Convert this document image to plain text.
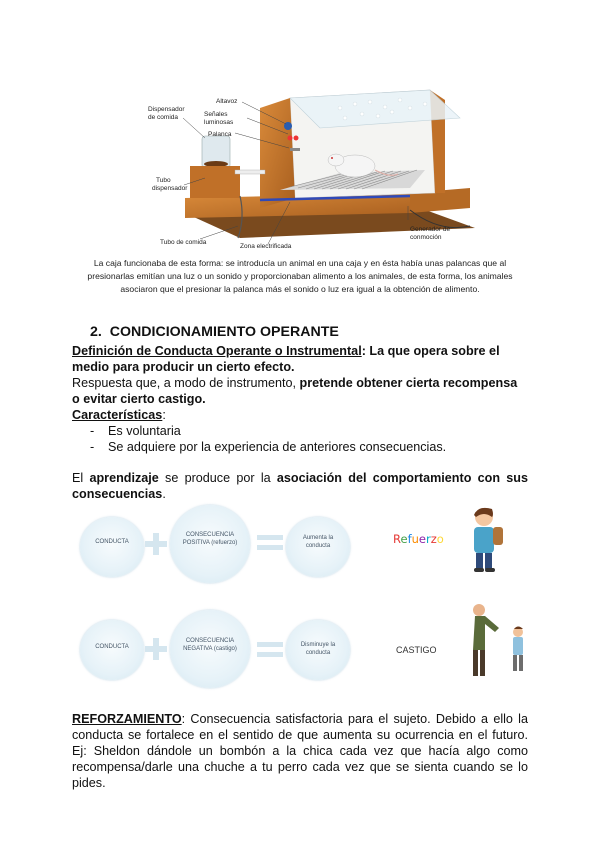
Altavoz
Dispensador
de comida	Señales
luminosas
Palanca
Tubo
dispensador
Tubo de comida
Zona electrificada
Generador de
conmoción
La caja funcionaba de esta forma: se introducía un animal en una caja y en ésta había unas palancas que al presionarlas emitían una luz o un sonido y proporcionaban alimento a los animales, de esta forma, los animales asociaron que el presionar la palanca más el sonido o luz era igual a la obtención de alimento.
2. CONDICIONAMIENTO OPERANTE
Definición de Conducta Operante o Instrumental: La que opera sobre el medio para producir un cierto efecto.
Respuesta que, a modo de instrumento, pretende obtener cierta recompensa o evitar cierto castigo.
Características:
- Es voluntaria
- Se adquiere por la experiencia de anteriores consecuencias.
El aprendizaje se produce por la asociación del comportamiento con sus consecuencias.
CONDUCTA
CONSECUENCIA POSITIVA (refuerzo)
Aumenta la conducta	Refuerzo
CONDUCTA
CONSECUENCIA NEGATIVA (castigo)
Disminuye la conducta	CASTIGO
REFORZAMIENTO: Consecuencia satisfactoria para el sujeto. Debido a ello la conducta se fortalece en el sentido de que aumenta su ocurrencia en el futuro. Ej: Sheldon dándole un bombón a la chica cada vez que hacía algo como recompensa/darle una chuche a tu perro cada vez que se sienta cuando se lo pides.
